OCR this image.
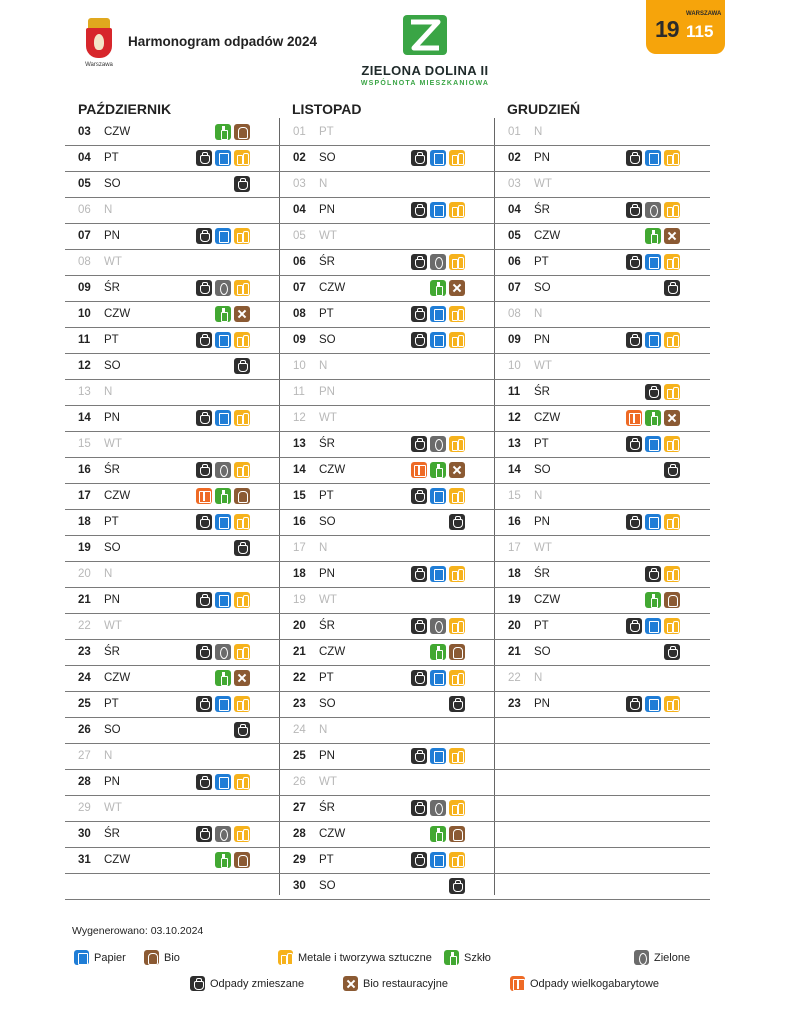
Warszawa
Harmonogram odpadów 2024
ZIELONA DOLINA II
WSPÓLNOTA MIESZKANIOWA
WARSZAWA
19 115
PAŹDZIERNIK	LISTOPAD	GRUDZIEŃ
03 CZW
04 PT
05 SO
06 N
07 PN
08 WT
09 ŚR
10 CZW
11 PT
12 SO
13 N
14 PN
15 WT
16 ŚR
17 CZW
18 PT
19 SO
20 N
21 PN
22 WT
23 ŚR
24 CZW
25 PT
26 SO
27 N
28 PN
29 WT
30 ŚR
31 CZW
01 PT
02 SO
03 N
04 PN
05 WT
06 ŚR
07 CZW
08 PT
09 SO
10 N
11 PN
12 WT
13 ŚR
14 CZW
15 PT
16 SO
17 N
18 PN
19 WT
20 ŚR
21 CZW
22 PT
23 SO
24 N
25 PN
26 WT
27 ŚR
28 CZW
29 PT
30 SO
01 N
02 PN
03 WT
04 ŚR
05 CZW
06 PT
07 SO
08 N
09 PN
10 WT
11 ŚR
12 CZW
13 PT
14 SO
15 N
16 PN
17 WT
18 ŚR
19 CZW
20 PT
21 SO
22 N
23 PN
Wygenerowano: 03.10.2024
Papier	Bio	Metale i tworzywa sztuczne	Szkło	Zielone
Odpady zmieszane	Bio restauracyjne	Odpady wielkogabarytowe
